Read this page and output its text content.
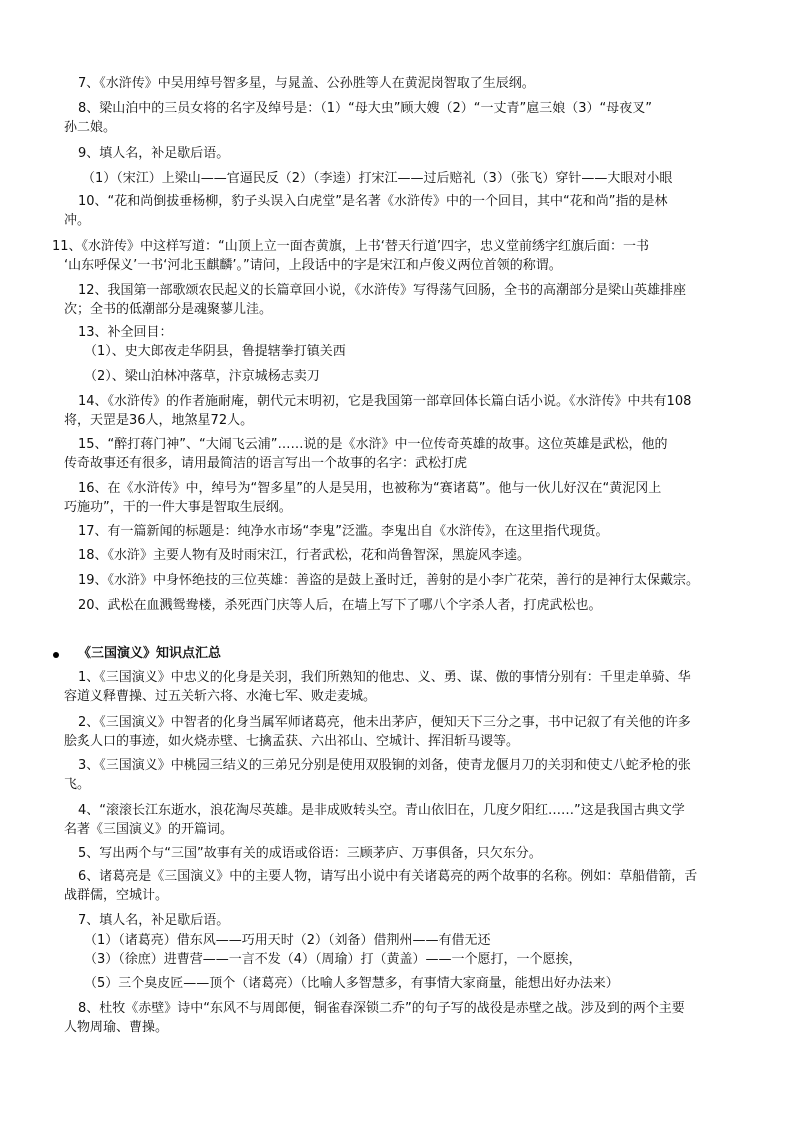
7、《水浒传》中吴用绰号智多星，与晁盖、公孙胜等人在黄泥岗智取了生辰纲。
8、梁山泊中的三员女将的名字及绰号是：（1）“母大虫”顾大嫂（2）“一丈青”扈三娘（3）“母夜叉”
孙二娘。
9、填人名，补足歇后语。
（1）（宋江）上梁山——官逼民反（2）（李逵）打宋江——过后赔礼（3）（张飞）穿针——大眼对小眼
10、“花和尚倒拔垂杨柳，豹子头误入白虎堂”是名著《水浒传》中的一个回目，其中“花和尚”指的是林
冲。
11、《水浒传》中这样写道：“山顶上立一面杏黄旗，上书‘替天行道’四字，忠义堂前绣字红旗后面：一书
‘山东呼保义’一书‘河北玉麒麟’。”请问，上段话中的字是宋江和卢俊义两位首领的称谓。
12、我国第一部歌颂农民起义的长篇章回小说，《水浒传》写得荡气回肠，全书的高潮部分是梁山英雄排座
次；全书的低潮部分是魂聚蓼儿洼。
13、补全回目：
（1）、史大郎夜走华阴县，鲁提辖拳打镇关西
（2）、梁山泊林冲落草，汴京城杨志卖刀
14、《水浒传》的作者施耐庵，朝代元末明初，它是我国第一部章回体长篇白话小说。《水浒传》中共有108
将，天罡是36人，地煞星72人。
15、“醉打蒋门神”、“大闹飞云浦”……说的是《水浒》中一位传奇英雄的故事。这位英雄是武松，他的
传奇故事还有很多，请用最简洁的语言写出一个故事的名字：武松打虎
16、在《水浒传》中，绰号为“智多星”的人是吴用，也被称为“赛诸葛”。他与一伙儿好汉在“黄泥冈上
巧施功”，干的一件大事是智取生辰纲。
17、有一篇新闻的标题是：纯净水市场“李鬼”泛滥。李鬼出自《水浒传》，在这里指代现货。
18、《水浒》主要人物有及时雨宋江，行者武松，花和尚鲁智深，黑旋风李逵。
19、《水浒》中身怀绝技的三位英雄：善盗的是鼓上蚤时迁，善射的是小李广花荣，善行的是神行太保戴宗。
20、武松在血溅鸳鸯楼，杀死西门庆等人后，在墙上写下了哪八个字杀人者，打虎武松也。
《三国演义》知识点汇总
1、《三国演义》中忠义的化身是关羽，我们所熟知的他忠、义、勇、谋、傲的事情分别有：千里走单骑、华
容道义释曹操、过五关斩六将、水淹七军、败走麦城。
2、《三国演义》中智者的化身当属军师诸葛亮，他未出茅庐，便知天下三分之事，书中记叙了有关他的许多
脍炙人口的事迹，如火烧赤壁、七擒孟获、六出祁山、空城计、挥泪斩马谡等。
3、《三国演义》中桃园三结义的三弟兄分别是使用双股锏的刘备，使青龙偃月刀的关羽和使丈八蛇矛枪的张
飞。
4、“滚滚长江东逝水，浪花淘尽英雄。是非成败转头空。青山依旧在，几度夕阳红……”这是我国古典文学
名著《三国演义》的开篇词。
5、写出两个与“三国”故事有关的成语或俗语：三顾茅庐、万事俱备，只欠东分。
6、诸葛亮是《三国演义》中的主要人物，请写出小说中有关诸葛亮的两个故事的名称。例如：草船借箭，舌
战群儒，空城计。
7、填人名，补足歇后语。
（1）（诸葛亮）借东风——巧用天时（2）（刘备）借荆州——有借无还
（3）（徐庶）进曹营——一言不发（4）（周瑜）打（黄盖）——一个愿打，一个愿挨，
（5）三个臭皮匠——顶个（诸葛亮）（比喻人多智慧多，有事情大家商量，能想出好办法来）
8、杜牧《赤壁》诗中“东风不与周郎便，铜雀春深锁二乔”的句子写的战役是赤壁之战。涉及到的两个主要
人物周瑜、曹操。
